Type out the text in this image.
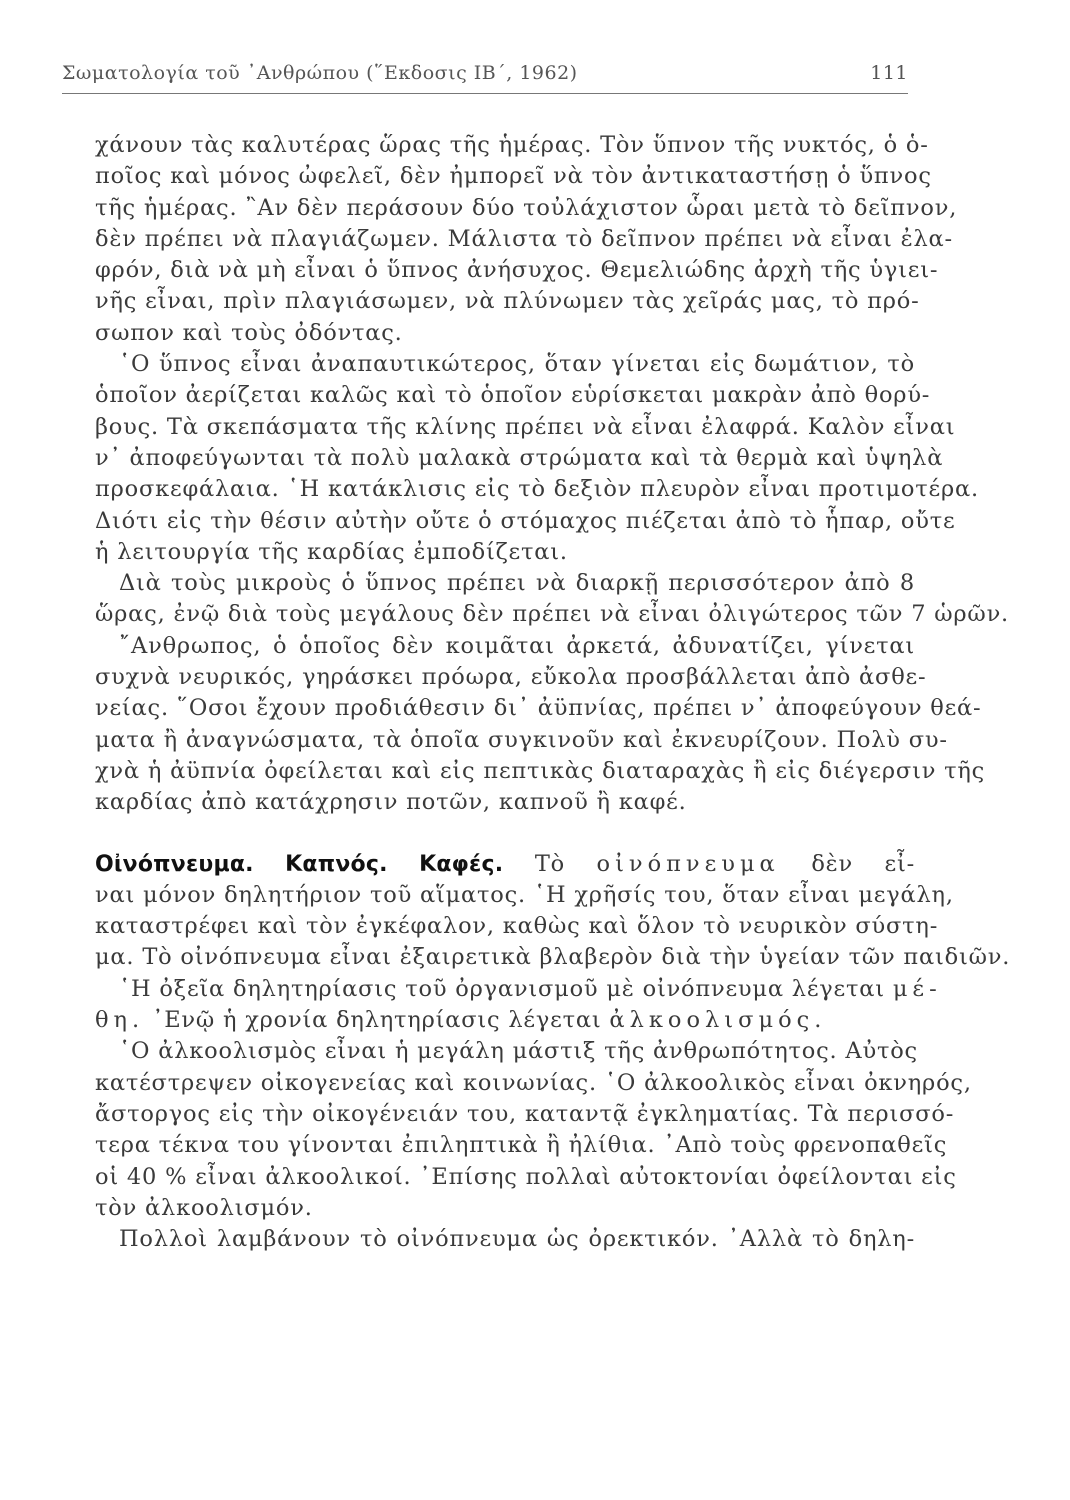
Σωματολογία τοῦ ᾿Ανθρώπου (῞Εκδοσις ΙΒ΄, 1962)	111
χάνουν τὰς καλυτέρας ὥρας τῆς ἡμέρας. Τὸν ὕπνον τῆς νυκτός, ὁ ὁ-
ποῖος καὶ μόνος ὠφελεῖ, δὲν ἠμπορεῖ νὰ τὸν ἀντικαταστήσῃ ὁ ὕπνος
τῆς ἡμέρας. ῍Αν δὲν περάσουν δύο τοὐλάχιστον ὧραι μετὰ τὸ δεῖπνον,
δὲν πρέπει νὰ πλαγιάζωμεν. Μάλιστα τὸ δεῖπνον πρέπει νὰ εἶναι ἐλα-
φρόν, διὰ νὰ μὴ εἶναι ὁ ὕπνος ἀνήσυχος. Θεμελιώδης ἀρχὴ τῆς ὑγιει-
νῆς εἶναι, πρὶν πλαγιάσωμεν, νὰ πλύνωμεν τὰς χεῖράς μας, τὸ πρό-
σωπον καὶ τοὺς ὀδόντας.
῾Ο ὕπνος εἶναι ἀναπαυτικώτερος, ὅταν γίνεται εἰς δωμάτιον, τὸ
ὁποῖον ἀερίζεται καλῶς καὶ τὸ ὁποῖον εὑρίσκεται μακρὰν ἀπὸ θορύ-
βους. Τὰ σκεπάσματα τῆς κλίνης πρέπει νὰ εἶναι ἐλαφρά. Καλὸν εἶναι
ν᾿ ἀποφεύγωνται τὰ πολὺ μαλακὰ στρώματα καὶ τὰ θερμὰ καὶ ὑψηλὰ
προσκεφάλαια. ῾Η κατάκλισις εἰς τὸ δεξιὸν πλευρὸν εἶναι προτιμοτέρα.
Διότι εἰς τὴν θέσιν αὐτὴν οὔτε ὁ στόμαχος πιέζεται ἀπὸ τὸ ἧπαρ, οὔτε
ἡ λειτουργία τῆς καρδίας ἐμποδίζεται.
Διὰ τοὺς μικροὺς ὁ ὕπνος πρέπει νὰ διαρκῇ περισσότερον ἀπὸ 8
ὥρας, ἐνῷ διὰ τοὺς μεγάλους δὲν πρέπει νὰ εἶναι ὀλιγώτερος τῶν 7 ὡρῶν.
῎Ανθρωπος, ὁ ὁποῖος δὲν κοιμᾶται ἀρκετά, ἀδυνατίζει, γίνεται
συχνὰ νευρικός, γηράσκει πρόωρα, εὔκολα προσβάλλεται ἀπὸ ἀσθε-
νείας. ῞Οσοι ἔχουν προδιάθεσιν δι᾿ ἀϋπνίας, πρέπει ν᾿ ἀποφεύγουν θεά-
ματα ἢ ἀναγνώσματα, τὰ ὁποῖα συγκινοῦν καὶ ἐκνευρίζουν. Πολὺ συ-
χνὰ ἡ ἀϋπνία ὀφείλεται καὶ εἰς πεπτικὰς διαταραχὰς ἢ εἰς διέγερσιν τῆς
καρδίας ἀπὸ κατάχρησιν ποτῶν, καπνοῦ ἢ καφέ.
Οἰνόπνευμα. Καπνός. Καφές. Τὸ οἰνόπνευμα δὲν εἶ-
ναι μόνον δηλητήριον τοῦ αἵματος. ῾Η χρῆσίς του, ὅταν εἶναι μεγάλη,
καταστρέφει καὶ τὸν ἐγκέφαλον, καθὼς καὶ ὅλον τὸ νευρικὸν σύστη-
μα. Τὸ οἰνόπνευμα εἶναι ἐξαιρετικὰ βλαβερὸν διὰ τὴν ὑγείαν τῶν παιδιῶν.
῾Η ὀξεῖα δηλητηρίασις τοῦ ὀργανισμοῦ μὲ οἰνόπνευμα λέγεται μέ-
θη. ᾿Ενῷ ἡ χρονία δηλητηρίασις λέγεται ἀλκοολισμός.
῾Ο ἀλκοολισμὸς εἶναι ἡ μεγάλη μάστιξ τῆς ἀνθρωπότητος. Αὐτὸς
κατέστρεψεν οἰκογενείας καὶ κοινωνίας. ῾Ο ἀλκοολικὸς εἶναι ὀκνηρός,
ἄστοργος εἰς τὴν οἰκογένειάν του, καταντᾷ ἐγκληματίας. Τὰ περισσό-
τερα τέκνα του γίνονται ἐπιληπτικὰ ἢ ἠλίθια. ᾿Απὸ τοὺς φρενοπαθεῖς
οἱ 40 % εἶναι ἀλκοολικοί. ᾿Επίσης πολλαὶ αὐτοκτονίαι ὀφείλονται εἰς
τὸν ἀλκοολισμόν.
Πολλοὶ λαμβάνουν τὸ οἰνόπνευμα ὡς ὀρεκτικόν. ᾿Αλλὰ τὸ δηλη-
